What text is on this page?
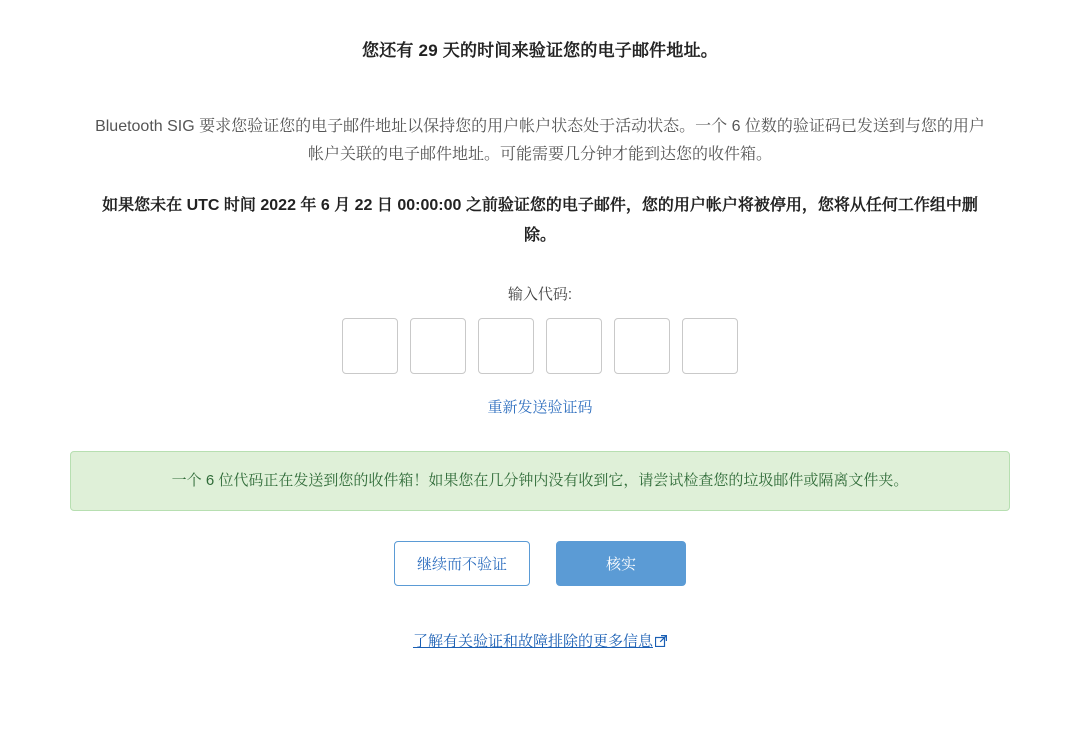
您还有 29 天的时间来验证您的电子邮件地址。
Bluetooth SIG 要求您验证您的电子邮件地址以保持您的用户帐户状态处于活动状态。一个 6 位数的验证码已发送到与您的用户帐户关联的电子邮件地址。可能需要几分钟才能到达您的收件箱。
如果您未在 UTC 时间 2022 年 6 月 22 日 00:00:00 之前验证您的电子邮件，您的用户帐户将被停用，您将从任何工作组中删除。
输入代码:
重新发送验证码
一个 6 位代码正在发送到您的收件箱！如果您在几分钟内没有收到它，请尝试检查您的垃圾邮件或隔离文件夹。
继续而不验证	核实
了解有关验证和故障排除的更多信息
